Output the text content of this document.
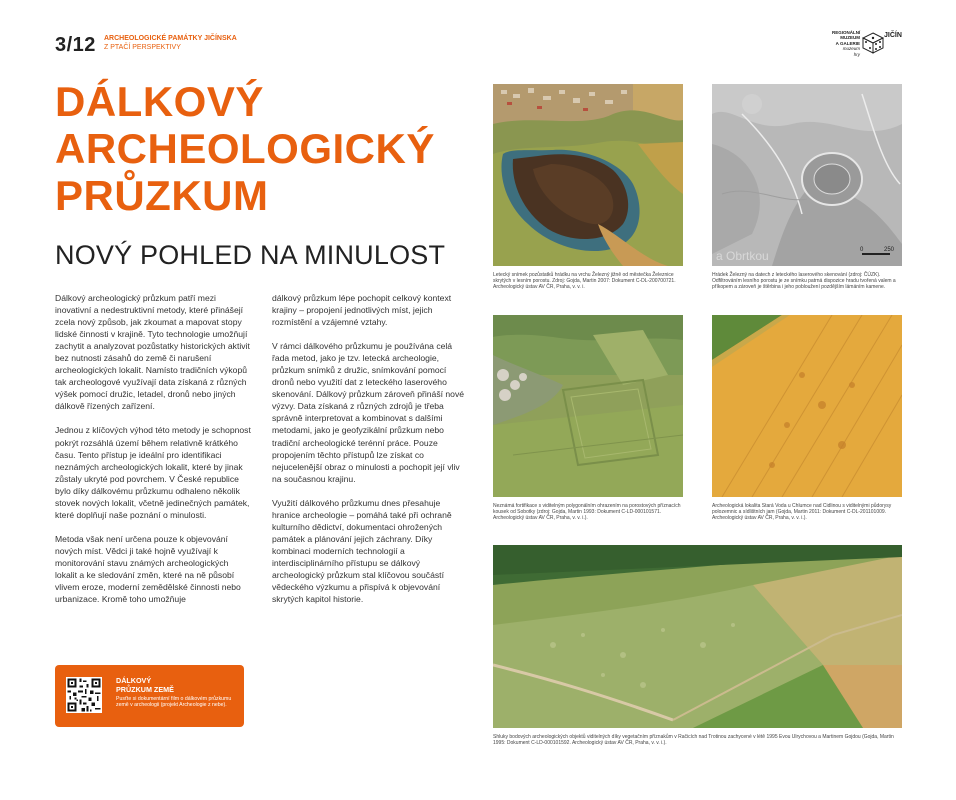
3/12 ARCHEOLOGICKÉ PAMÁTKY JIČÍNSKA
Z PTAČÍ PERSPEKTIVY
REGIONÁLNÍ
MUZEUM
A GALERIE
muzeum
hry
JIČÍN
DÁLKOVÝ
ARCHEOLOGICKÝ
PRŮZKUM
NOVÝ POHLED NA MINULOST

Dálkový archeologický průzkum patří mezi inovativní a nedestruktivní metody, které přinášejí zcela nový způsob, jak zkoumat a mapovat stopy lidské činnosti v krajině. Tyto technologie umožňují zachytit a analyzovat pozůstatky historických aktivit bez nutnosti zásahů do země či narušení archeologických lokalit. Namísto tradičních výkopů tak archeologové využívají data získaná z různých výšek pomocí družic, letadel, dronů nebo jiných dálkově řízených zařízení.

Jednou z klíčových výhod této metody je schopnost pokrýt rozsáhlá území během relativně krátkého času. Tento přístup je ideální pro identifikaci neznámých archeologických lokalit, které by jinak zůstaly ukryté pod povrchem. V České republice bylo díky dálkovému průzkumu odhaleno několik stovek nových lokalit, včetně jedinečných památek, které doplňují naše poznání o minulosti.

Metoda však není určena pouze k objevování nových míst. Vědci ji také hojně využívají k monitorování stavu známých archeologických lokalit a ke sledování změn, které na ně působí vlivem eroze, moderní zemědělské činnosti nebo urbanizace. Kromě toho umožňuje

dálkový průzkum lépe pochopit celkový kontext krajiny – propojení jednotlivých míst, jejich rozmístění a vzájemné vztahy.

V rámci dálkového průzkumu je používána celá řada metod, jako je tzv. letecká archeologie, průzkum snímků z družic, snímkování pomocí dronů nebo využití dat z leteckého laserového skenování. Dálkový průzkum zároveň přináší nové výzvy. Data získaná z různých zdrojů je třeba správně interpretovat a kombinovat s dalšími metodami, jako je geofyzikální průzkum nebo tradiční archeologické terénní práce. Pouze propojením těchto přístupů lze získat co nejucelenější obraz o minulosti a pochopit její vliv na současnou krajinu.

Využití dálkového průzkumu dnes přesahuje hranice archeologie – pomáhá také při ochraně kulturního dědictví, dokumentaci ohrožených památek a plánování jejich záchrany. Díky kombinaci moderních technologií a interdisciplinárního přístupu se dálkový archeologický průzkum stal klíčovou součástí vědeckého výzkumu a přispívá k objevování skrytých kapitol historie.

DÁLKOVÝ
PRŮZKUM ZEMĚ
Pusťte si dokumentární film o dálkovém průzkumu země v archeologii (projekt Archeologie z nebe).
Letecký snímek pozůstatků hrádku na vrchu Železný jižně od městečka Železnice skrytých v lesním porostu. Zdroj: Gojda, Martin 2007: Dokument C-DL-200700721. Archeologický ústav AV ČR, Praha, v. v. i.
a Obrtkou	0	250
Hrádek Železný na datech z leteckého laserového skenování (zdroj: ČÚZK). Odfiltrováním lesního porostu je ze snímku patrná dispozice hradu tvořená valem a příkopem a zároveň je štěrbina i jeho pobloužení pozdějším lámáním kamene.
Neznámá fortifikace s viditelným polygonálním ohrazením na porostových příznacích kousek od Sobotky (zdroj: Gojda, Martin 1993: Dokument C-LD-000101571. Archeologický ústav AV ČR, Praha, v. v. i.).
Archeologická lokalita Stará Voda u Chlumce nad Cidlinou s viditelnými půdorysy polozemnic a sídlištních jam (Gojda, Martin 2011: Dokument C-DL-201101009. Archeologický ústav AV ČR, Praha, v. v. i.).
Shluky bodových archeologických objektů viditelných díky vegetačním příznakům v Račicích nad Trotinou zachycené v létě 1995 Evou Ulrychovou a Martinem Gojdou (Gojda, Martin 1995: Dokument C-LD-000101592. Archeologický ústav AV ČR, Praha, v. v. i.).
